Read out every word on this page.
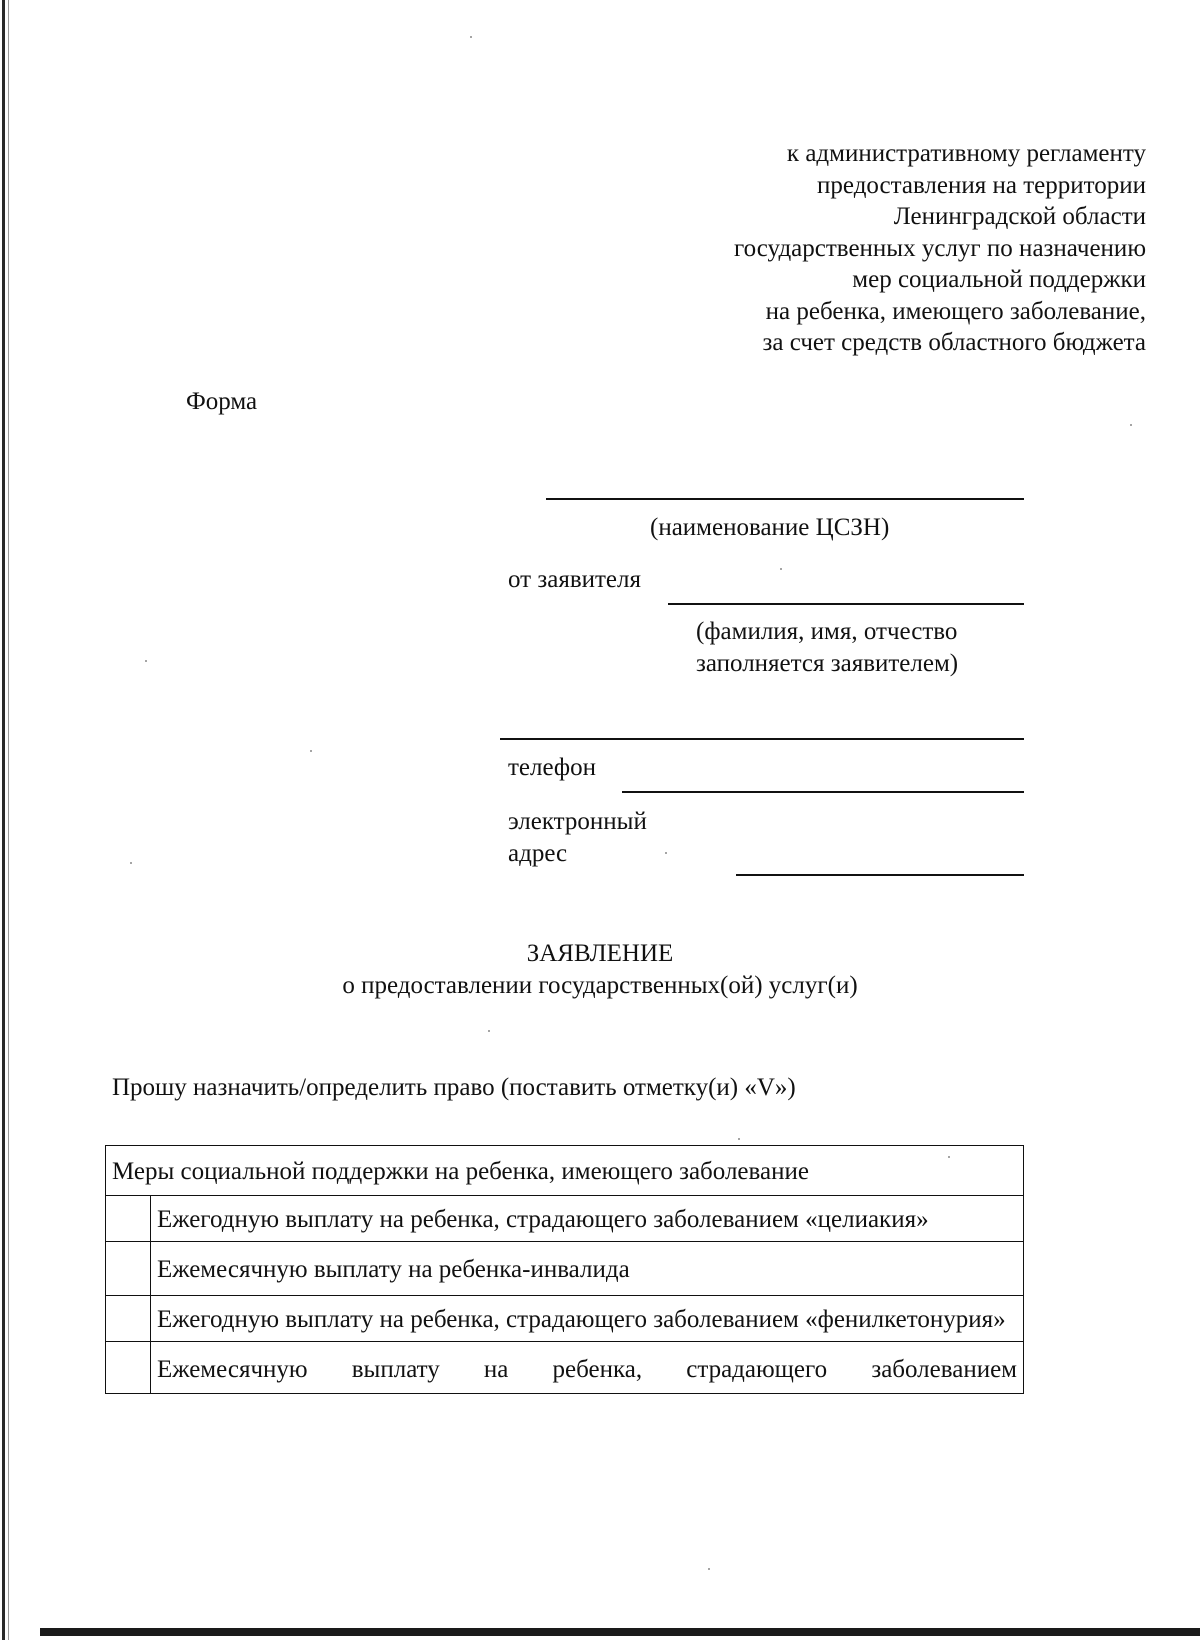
к административному регламенту
предоставления на территории
Ленинградской области
государственных услуг по назначению
мер социальной поддержки
на ребенка, имеющего заболевание,
за счет средств областного бюджета
Форма
(наименование ЦСЗН)
от заявителя
(фамилия, имя, отчество
заполняется заявителем)
телефон
электронный
адрес
ЗАЯВЛЕНИЕ
о предоставлении государственных(ой) услуг(и)
Прошу назначить/определить право (поставить отметку(и) «V»)
Меры социальной поддержки на ребенка, имеющего заболевание	
	Ежегодную выплату на ребенка, страдающего заболеванием «целиакия»
	Ежемесячную выплату на ребенка-инвалида
	Ежегодную выплату на ребенка, страдающего заболеванием «фенилкетонурия»
	Ежемесячную выплату на ребенка, страдающего заболеванием
